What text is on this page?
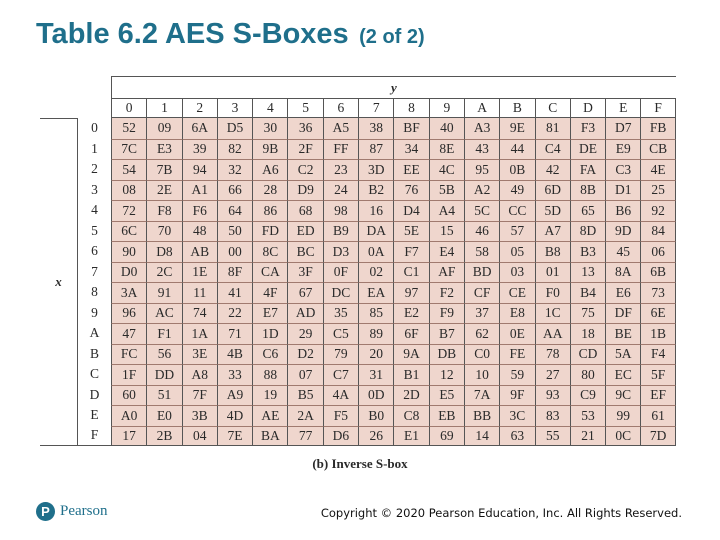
Table 6.2 AES S-Boxes (2 of 2)
y
x
0	1	2	3	4	5	6	7	8	9	A	B	C	D	E	F
0	52	09	6A	D5	30	36	A5	38	BF	40	A3	9E	81	F3	D7	FB
1	7C	E3	39	82	9B	2F	FF	87	34	8E	43	44	C4	DE	E9	CB
2	54	7B	94	32	A6	C2	23	3D	EE	4C	95	0B	42	FA	C3	4E
3	08	2E	A1	66	28	D9	24	B2	76	5B	A2	49	6D	8B	D1	25
4	72	F8	F6	64	86	68	98	16	D4	A4	5C	CC	5D	65	B6	92
5	6C	70	48	50	FD	ED	B9	DA	5E	15	46	57	A7	8D	9D	84
6	90	D8	AB	00	8C	BC	D3	0A	F7	E4	58	05	B8	B3	45	06
7	D0	2C	1E	8F	CA	3F	0F	02	C1	AF	BD	03	01	13	8A	6B
8	3A	91	11	41	4F	67	DC	EA	97	F2	CF	CE	F0	B4	E6	73
9	96	AC	74	22	E7	AD	35	85	E2	F9	37	E8	1C	75	DF	6E
A	47	F1	1A	71	1D	29	C5	89	6F	B7	62	0E	AA	18	BE	1B
B	FC	56	3E	4B	C6	D2	79	20	9A	DB	C0	FE	78	CD	5A	F4
C	1F	DD	A8	33	88	07	C7	31	B1	12	10	59	27	80	EC	5F
D	60	51	7F	A9	19	B5	4A	0D	2D	E5	7A	9F	93	C9	9C	EF
E	A0	E0	3B	4D	AE	2A	F5	B0	C8	EB	BB	3C	83	53	99	61
F	17	2B	04	7E	BA	77	D6	26	E1	69	14	63	55	21	0C	7D
(b) Inverse S-box
P Pearson	Copyright © 2020 Pearson Education, Inc. All Rights Reserved.
